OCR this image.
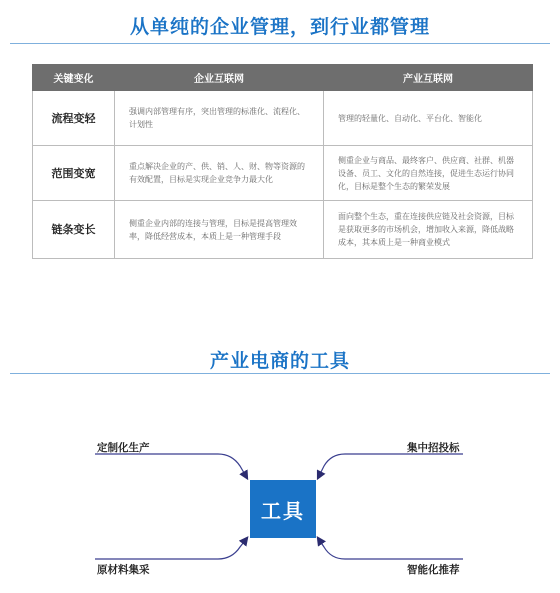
从单纯的企业管理，到行业都管理
关键变化	企业互联网	产业互联网
流程变轻	强调内部管理有序，突出管理的标准化、流程化、计划性	管理的轻量化、自动化、平台化、智能化
范围变宽	重点解决企业的产、供、销、人、财、物等资源的有效配置，目标是实现企业竞争力最大化	侧重企业与商品、最终客户、供应商、社群、机器设备、员工、文化的自然连接，促进生态运行协同化，目标是整个生态的繁荣发展
链条变长	侧重企业内部的连接与管理，目标是提高管理效率，降低经营成本，本质上是一种管理手段	面向整个生态，重在连接供应链及社会资源，目标是获取更多的市场机会，增加收入来源，降低战略成本，其本质上是一种商业模式
产业电商的工具
定制化生产	集中招投标
原材料集采	智能化推荐
工具
